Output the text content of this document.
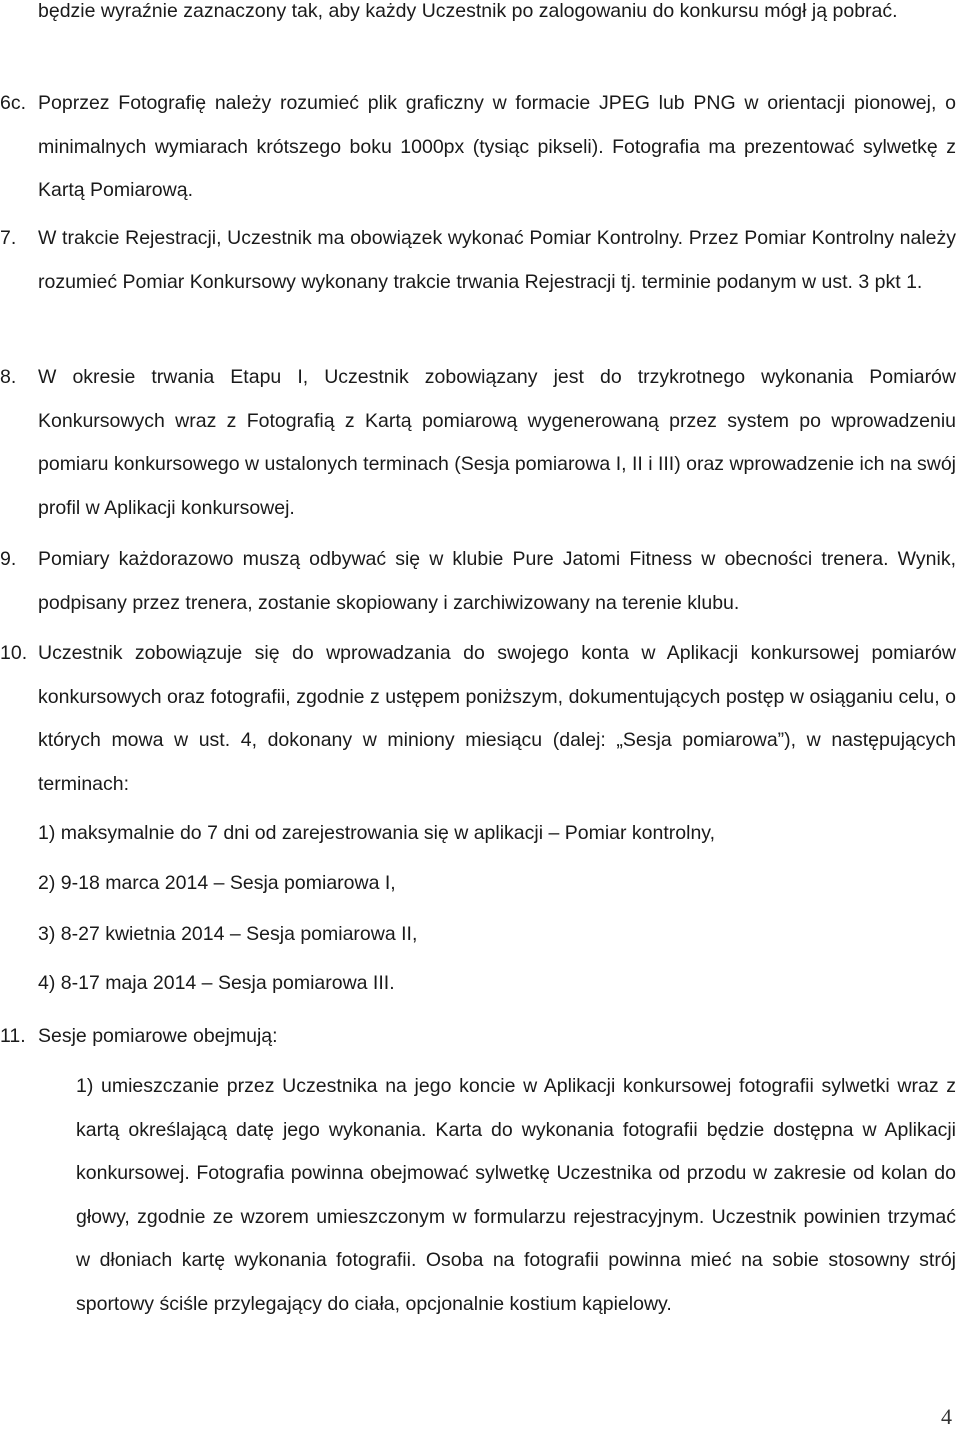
będzie wyraźnie zaznaczony tak, aby każdy Uczestnik po zalogowaniu do konkursu mógł ją pobrać.

6c. Poprzez Fotografię należy rozumieć plik graficzny w formacie JPEG lub PNG w orientacji pionowej, o minimalnych wymiarach krótszego boku 1000px (tysiąc pikseli). Fotografia ma prezentować sylwetkę z Kartą Pomiarową.
7.	W trakcie Rejestracji, Uczestnik ma obowiązek wykonać Pomiar Kontrolny. Przez Pomiar Kontrolny należy rozumieć Pomiar Konkursowy wykonany trakcie trwania Rejestracji tj. terminie podanym w ust. 3 pkt 1.
8.	W okresie trwania Etapu I, Uczestnik zobowiązany jest do trzykrotnego wykonania Pomiarów Konkursowych wraz z Fotografią z Kartą pomiarową wygenerowaną przez system po wprowadzeniu pomiaru konkursowego w ustalonych terminach (Sesja pomiarowa I, II i III) oraz wprowadzenie ich na swój profil w Aplikacji konkursowej.
9.	Pomiary każdorazowo muszą odbywać się w klubie Pure Jatomi Fitness w obecności trenera. Wynik, podpisany przez trenera, zostanie skopiowany i zarchiwizowany na terenie klubu.
10. Uczestnik zobowiązuje się do wprowadzania do swojego konta w Aplikacji konkursowej pomiarów konkursowych oraz fotografii, zgodnie z ustępem poniższym, dokumentujących postęp w osiąganiu celu, o których mowa w ust. 4, dokonany w miniony miesiącu (dalej: „Sesja pomiarowa”), w następujących terminach:

1) maksymalnie do 7 dni od zarejestrowania się w aplikacji – Pomiar kontrolny,

2) 9-18 marca 2014 – Sesja pomiarowa I,

3) 8-27 kwietnia 2014 – Sesja pomiarowa II,

4) 8-17 maja 2014 – Sesja pomiarowa III.

11. Sesje pomiarowe obejmują:

1) umieszczanie przez Uczestnika na jego koncie w Aplikacji konkursowej fotografii sylwetki wraz z kartą określającą datę jego wykonania. Karta do wykonania fotografii będzie dostępna w Aplikacji konkursowej. Fotografia powinna obejmować sylwetkę Uczestnika od przodu w zakresie od kolan do głowy, zgodnie ze wzorem umieszczonym w formularzu rejestracyjnym. Uczestnik powinien trzymać w dłoniach kartę wykonania fotografii. Osoba na fotografii powinna mieć na sobie stosowny strój sportowy ściśle przylegający do ciała, opcjonalnie kostium kąpielowy.

4
